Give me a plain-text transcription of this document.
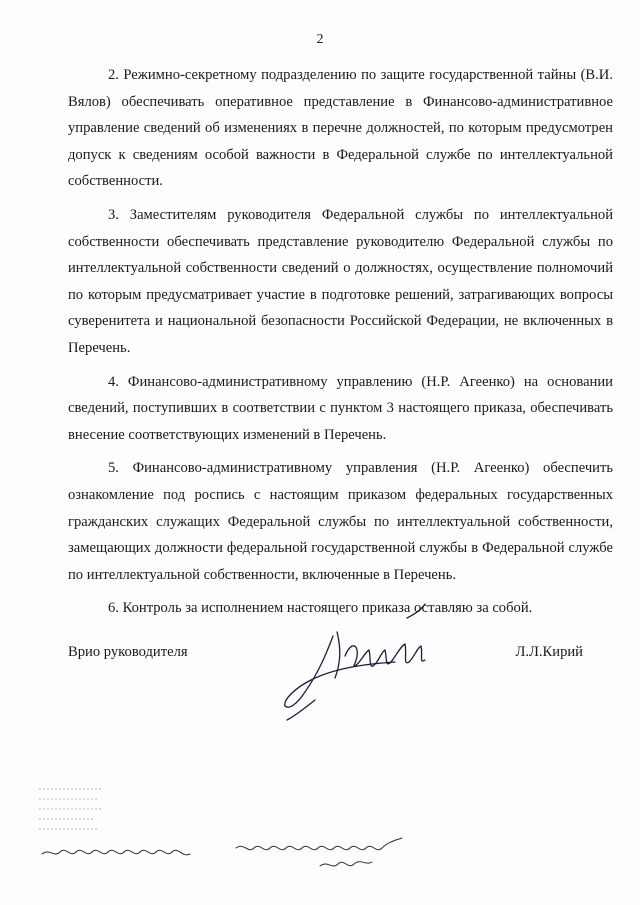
2

2. Режимно-секретному подразделению по защите государственной тайны (В.И. Вялов) обеспечивать оперативное представление в Финансово-административное управление сведений об изменениях в перечне должностей, по которым предусмотрен допуск к сведениям особой важности в Федеральной службе по интеллектуальной собственности.

3. Заместителям руководителя Федеральной службы по интеллектуальной собственности обеспечивать представление руководителю Федеральной службы по интеллектуальной собственности сведений о должностях, осуществление полномочий по которым предусматривает участие в подготовке решений, затрагивающих вопросы суверенитета и национальной безопасности Российской Федерации, не включенных в Перечень.

4. Финансово-административному управлению (Н.Р. Агеенко) на основании сведений, поступивших в соответствии с пунктом 3 настоящего приказа, обеспечивать внесение соответствующих изменений в Перечень.

5. Финансово-административному управления (Н.Р. Агеенко) обеспечить ознакомление под роспись с настоящим приказом федеральных государственных гражданских служащих Федеральной службы по интеллектуальной собственности, замещающих должности федеральной государственной службы в Федеральной службе по интеллектуальной собственности, включенные в Перечень.

6. Контроль за исполнением настоящего приказа оставляю за собой.

Врио руководителя	Л.Л.Кирий
